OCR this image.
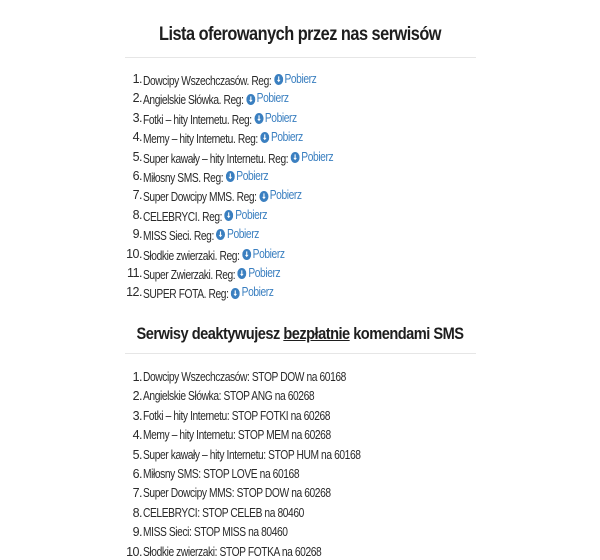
Lista oferowanych przez nas serwisów
1. Dowcipy Wszechczasów. Reg: Pobierz
2. Angielskie Słówka. Reg: Pobierz
3. Fotki – hity Internetu. Reg: Pobierz
4. Memy – hity Internetu. Reg: Pobierz
5. Super kawały – hity Internetu. Reg: Pobierz
6. Miłosny SMS. Reg: Pobierz
7. Super Dowcipy MMS. Reg: Pobierz
8. CELEBRYCI. Reg: Pobierz
9. MISS Sieci. Reg: Pobierz
10. Słodkie zwierzaki. Reg: Pobierz
11. Super Zwierzaki. Reg: Pobierz
12. SUPER FOTA. Reg: Pobierz
Serwisy deaktywujesz bezpłatnie komendami SMS
1. Dowcipy Wszechczasów: STOP DOW na 60168
2. Angielskie Słówka: STOP ANG na 60268
3. Fotki – hity Internetu: STOP FOTKI na 60268
4. Memy – hity Internetu: STOP MEM na 60268
5. Super kawały – hity Internetu: STOP HUM na 60168
6. Miłosny SMS: STOP LOVE na 60168
7. Super Dowcipy MMS: STOP DOW na 60268
8. CELEBRYCI: STOP CELEB na 80460
9. MISS Sieci: STOP MISS na 80460
10. Słodkie zwierzaki: STOP FOTKA na 60268
